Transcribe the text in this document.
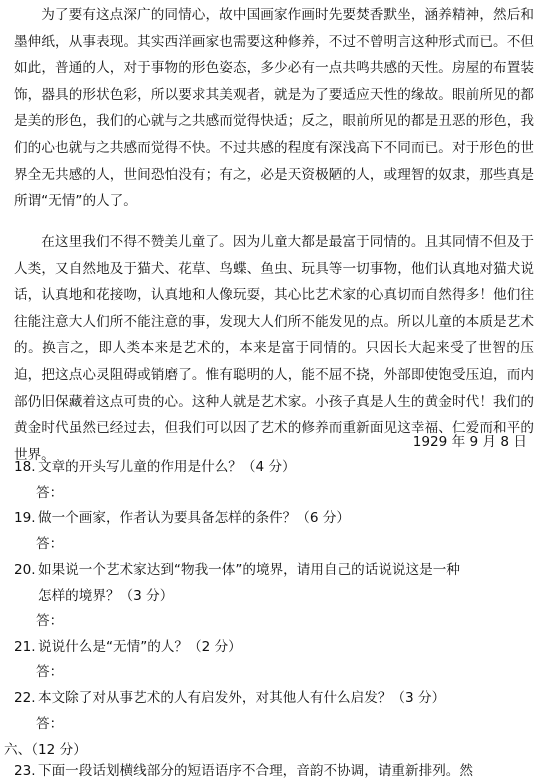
为了要有这点深广的同情心，故中国画家作画时先要焚香默坐，涵养精神，然后和墨伸纸，从事表现。其实西洋画家也需要这种修养，不过不曾明言这种形式而已。不但如此，普通的人，对于事物的形色姿态，多少必有一点共鸣共感的天性。房屋的布置装饰，器具的形状色彩，所以要求其美观者，就是为了要适应天性的缘故。眼前所见的都是美的形色，我们的心就与之共感而觉得快适；反之，眼前所见的都是丑恶的形色，我们的心也就与之共感而觉得不快。不过共感的程度有深浅高下不同而已。对于形色的世界全无共感的人，世间恐怕没有；有之，必是天资极陋的人，或理智的奴隶，那些真是所谓“无情”的人了。

在这里我们不得不赞美儿童了。因为儿童大都是最富于同情的。且其同情不但及于人类，又自然地及于猫犬、花草、鸟蝶、鱼虫、玩具等一切事物，他们认真地对猫犬说话，认真地和花接吻，认真地和人像玩耍，其心比艺术家的心真切而自然得多！他们往往能注意大人们所不能注意的事，发现大人们所不能发见的点。所以儿童的本质是艺术的。换言之，即人类本来是艺术的，本来是富于同情的。只因长大起来受了世智的压迫，把这点心灵阻碍或销磨了。惟有聪明的人，能不屈不挠，外部即使饱受压迫，而内部仍旧保藏着这点可贵的心。这种人就是艺术家。小孩子真是人生的黄金时代！我们的黄金时代虽然已经过去，但我们可以因了艺术的修养而重新面见这幸福、仁爱而和平的世界。

1929 年 9 月 8 日
18. 文章的开头写儿童的作用是什么？（4 分）
答：
19. 做一个画家，作者认为要具备怎样的条件？（6 分）
答：
20. 如果说一个艺术家达到“物我一体”的境界，请用自己的话说说这是一种
怎样的境界？（3 分）
答：
21. 说说什么是“无情”的人？（2 分）
答：
22. 本文除了对从事艺术的人有启发外，对其他人有什么启发？（3 分）
答：
六、（12 分）
23. 下面一段话划横线部分的短语语序不合理，音韵不协调，请重新排列。然
